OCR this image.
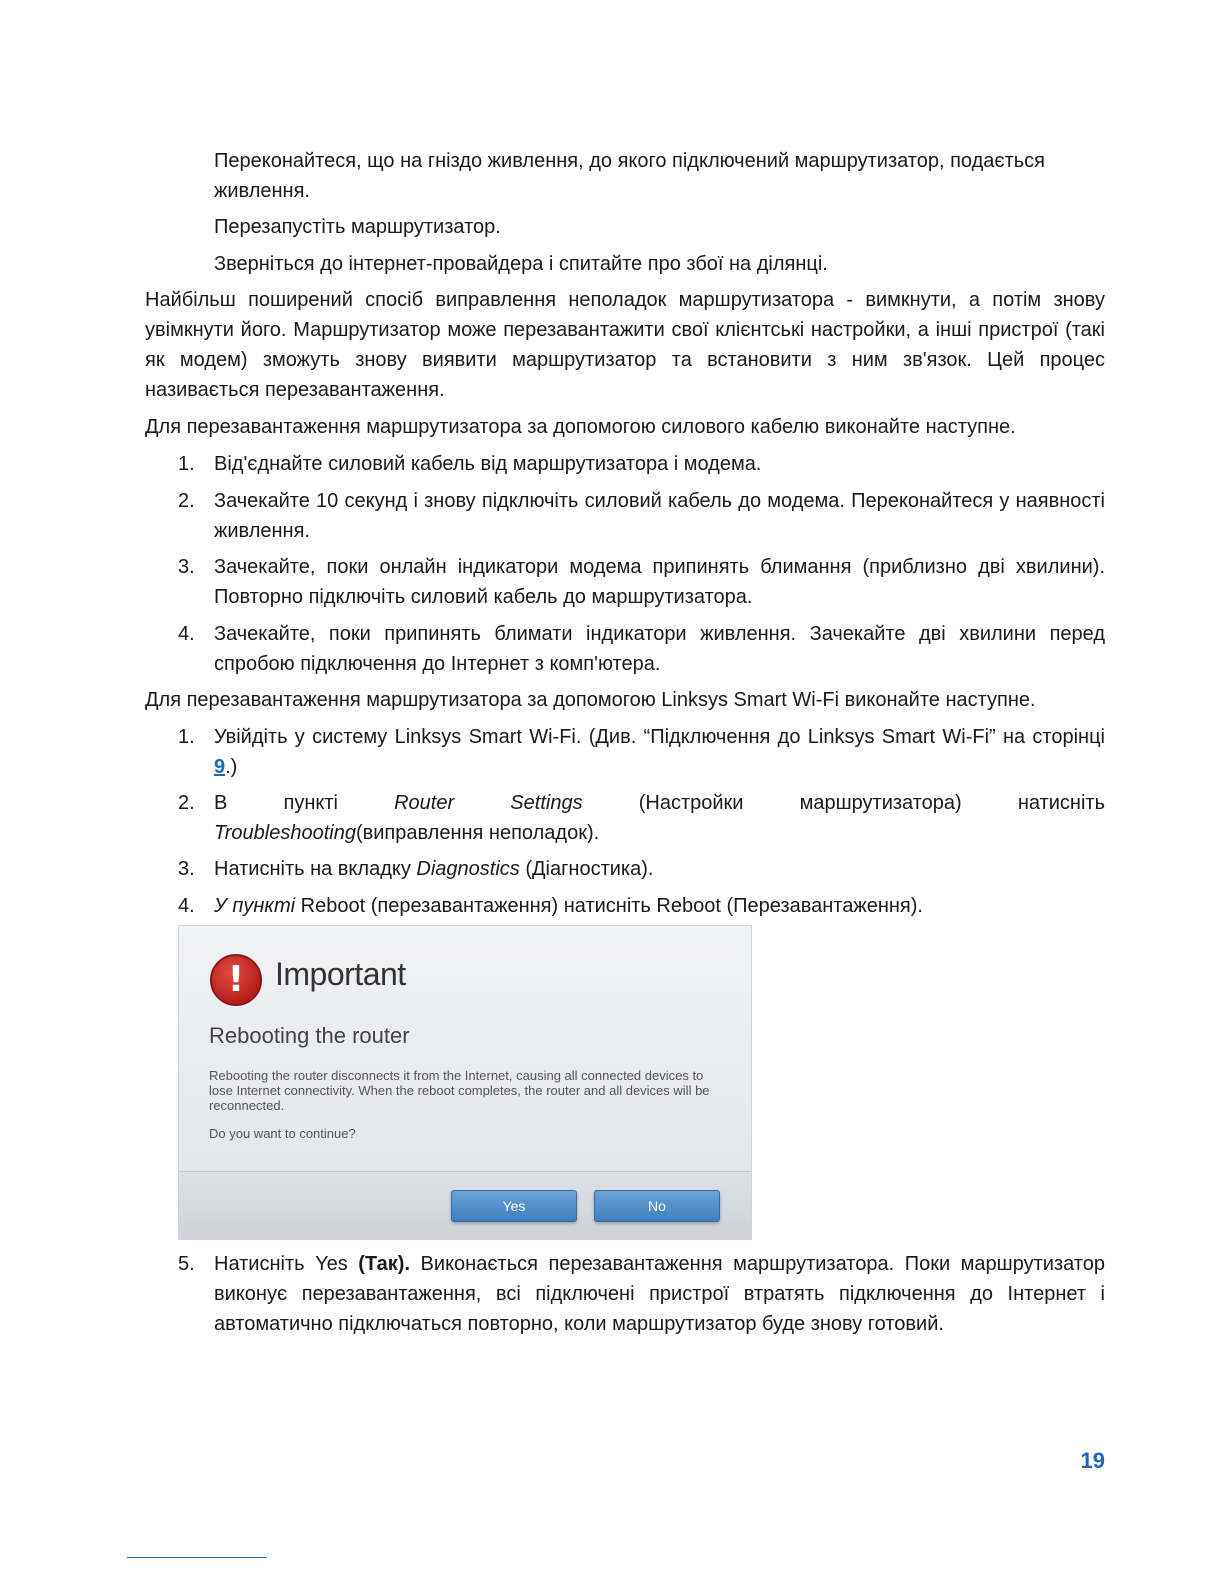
Переконайтеся, що на гніздо живлення, до якого підключений маршрутизатор, подається живлення.

Перезапустіть маршрутизатор.

Зверніться до інтернет-провайдера і спитайте про збої на ділянці.

Найбільш поширений спосіб виправлення неполадок маршрутизатора - вимкнути, а потім знову увімкнути його. Маршрутизатор може перезавантажити свої клієнтські настройки, а інші пристрої (такі як модем) зможуть знову виявити маршрутизатор та встановити з ним зв'язок. Цей процес називається перезавантаження.

Для перезавантаження маршрутизатора за допомогою силового кабелю виконайте наступне.

1. Від'єднайте силовий кабель від маршрутизатора і модема.

2. Зачекайте 10 секунд і знову підключіть силовий кабель до модема. Переконайтеся у наявності живлення.

3. Зачекайте, поки онлайн індикатори модема припинять блимання (приблизно дві хвилини). Повторно підключіть силовий кабель до маршрутизатора.

4. Зачекайте, поки припинять блимати індикатори живлення. Зачекайте дві хвилини перед спробою підключення до Інтернет з комп'ютера.

Для перезавантаження маршрутизатора за допомогою Linksys Smart Wi-Fi виконайте наступне.

1. Увійдіть у систему Linksys Smart Wi-Fi. (Див. “Підключення до Linksys Smart Wi-Fi” на сторінці 9.)

2. В	пункті	Router	Settings	(Настройки	маршрутизатора)	натисніть
Troubleshooting(виправлення неполадок).
3. Натисніть на вкладку Diagnostics (Діагностика).

4. У пункті Reboot (перезавантаження) натисніть Reboot (Перезавантаження).

! Important
Rebooting the router

Rebooting the router disconnects it from the Internet, causing all connected devices to lose Internet connectivity. When the reboot completes, the router and all devices will be reconnected.

Do you want to continue?
Yes	No
5. Натисніть Yes (Так). Виконається перезавантаження маршрутизатора. Поки маршрутизатор виконує перезавантаження, всі підключені пристрої втратять підключення до Інтернет і автоматично підключаться повторно, коли маршрутизатор буде знову готовий.

19
